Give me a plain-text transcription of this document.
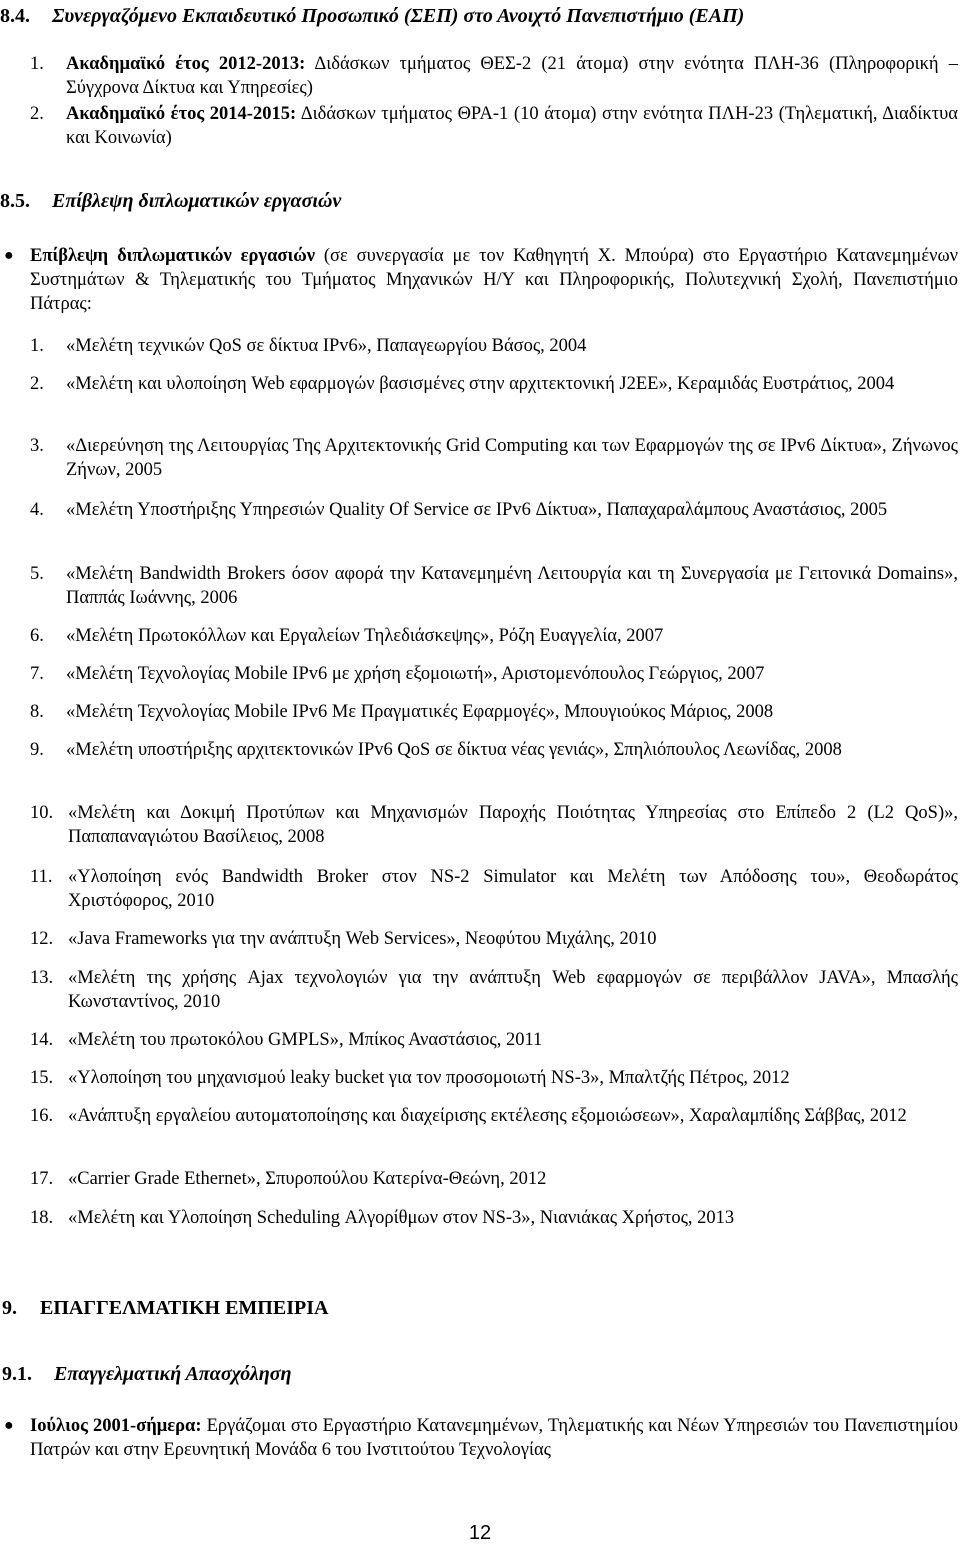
8.4. Συνεργαζόμενο Εκπαιδευτικό Προσωπικό (ΣΕΠ) στο Ανοιχτό Πανεπιστήμιο (ΕΑΠ)
1. Ακαδημαϊκό έτος 2012-2013: Διδάσκων τμήματος ΘΕΣ-2 (21 άτομα) στην ενότητα ΠΛΗ-36 (Πληροφορική – Σύγχρονα Δίκτυα και Υπηρεσίες)
2. Ακαδημαϊκό έτος 2014-2015: Διδάσκων τμήματος ΘΡΑ-1 (10 άτομα) στην ενότητα ΠΛΗ-23 (Τηλεματική, Διαδίκτυα και Κοινωνία)
8.5. Επίβλεψη διπλωματικών εργασιών
● Επίβλεψη διπλωματικών εργασιών (σε συνεργασία με τον Καθηγητή Χ. Μπούρα) στο Εργαστήριο Κατανεμημένων Συστημάτων & Τηλεματικής του Τμήματος Μηχανικών Η/Υ και Πληροφορικής, Πολυτεχνική Σχολή, Πανεπιστήμιο Πάτρας:
1. «Μελέτη τεχνικών QoS σε δίκτυα IPv6», Παπαγεωργίου Βάσος, 2004
2. «Μελέτη και υλοποίηση Web εφαρμογών βασισμένες στην αρχιτεκτονική J2EE», Κεραμιδάς Ευστράτιος, 2004
3. «Διερεύνηση της Λειτουργίας Της Αρχιτεκτονικής Grid Computing και των Εφαρμογών της σε IPv6 Δίκτυα», Ζήνωνος Ζήνων, 2005
4. «Μελέτη Υποστήριξης Υπηρεσιών Quality Of Service σε IPv6 Δίκτυα», Παπαχαραλάμπους Αναστάσιος, 2005
5. «Μελέτη Bandwidth Brokers όσον αφορά την Κατανεμημένη Λειτουργία και τη Συνεργασία με Γειτονικά Domains», Παππάς Ιωάννης, 2006
6. «Μελέτη Πρωτοκόλλων και Εργαλείων Τηλεδιάσκεψης», Ρόζη Ευαγγελία, 2007
7. «Μελέτη Τεχνολογίας Mobile IPv6 με χρήση εξομοιωτή», Αριστομενόπουλος Γεώργιος, 2007
8. «Μελέτη Τεχνολογίας Mobile IPv6 Με Πραγματικές Εφαρμογές», Μπουγιούκος Μάριος, 2008
9. «Μελέτη υποστήριξης αρχιτεκτονικών IPv6 QoS σε δίκτυα νέας γενιάς», Σπηλιόπουλος Λεωνίδας, 2008
10. «Μελέτη και Δοκιμή Προτύπων και Μηχανισμών Παροχής Ποιότητας Υπηρεσίας στο Επίπεδο 2 (L2 QoS)», Παπαπαναγιώτου Βασίλειος, 2008
11. «Υλοποίηση ενός Bandwidth Broker στον NS-2 Simulator και Μελέτη των Απόδοσης του», Θεοδωράτος Χριστόφορος, 2010
12. «Java Frameworks για την ανάπτυξη Web Services», Νεοφύτου Μιχάλης, 2010
13. «Μελέτη της χρήσης Ajax τεχνολογιών για την ανάπτυξη Web εφαρμογών σε περιβάλλον JAVA», Μπασλής Κωνσταντίνος, 2010
14. «Μελέτη του πρωτοκόλου GMPLS», Μπίκος Αναστάσιος, 2011
15. «Υλοποίηση του μηχανισμού leaky bucket για τον προσομοιωτή NS-3», Μπαλτζής Πέτρος, 2012
16. «Ανάπτυξη εργαλείου αυτοματοποίησης και διαχείρισης εκτέλεσης εξομοιώσεων», Χαραλαμπίδης Σάββας, 2012
17. «Carrier Grade Ethernet», Σπυροπούλου Κατερίνα-Θεώνη, 2012
18. «Μελέτη και Υλοποίηση Scheduling Αλγορίθμων στον NS-3», Νιανιάκας Χρήστος, 2013
9. ΕΠΑΓΓΕΛΜΑΤΙΚΗ ΕΜΠΕΙΡΙΑ
9.1. Επαγγελματική Απασχόληση
● Ιούλιος 2001-σήμερα: Εργάζομαι στο Εργαστήριο Κατανεμημένων, Τηλεματικής και Νέων Υπηρεσιών του Πανεπιστημίου Πατρών και στην Ερευνητική Μονάδα 6 του Ινστιτούτου Τεχνολογίας
12
